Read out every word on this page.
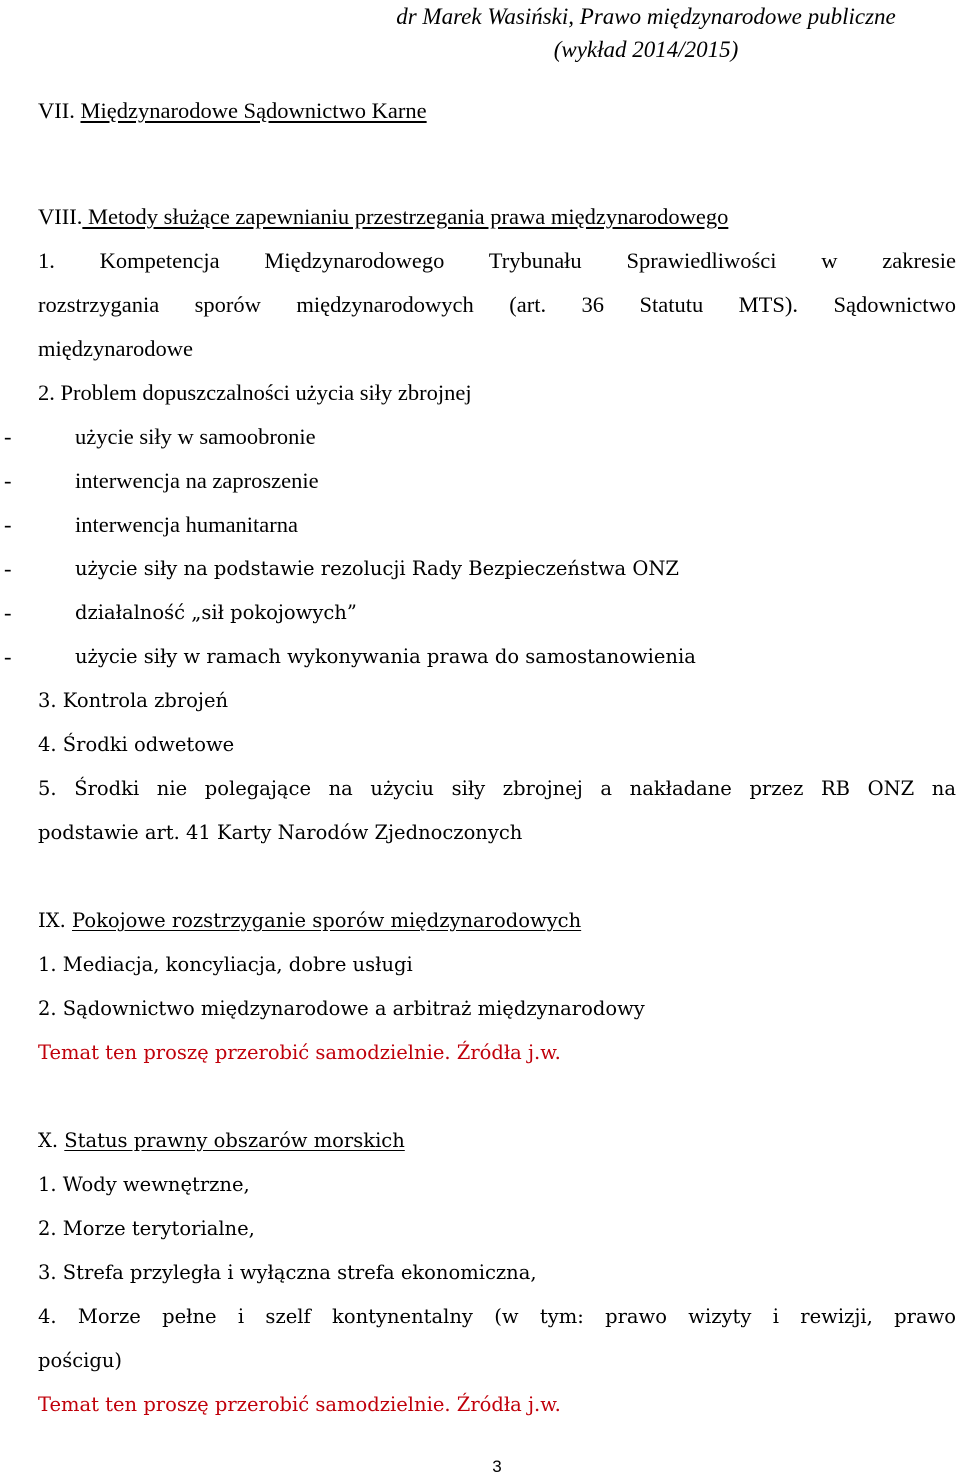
dr Marek Wasiński, Prawo międzynarodowe publiczne
(wykład 2014/2015)
VII. Międzynarodowe Sądownictwo Karne
VIII. Metody służące zapewnianiu przestrzegania prawa międzynarodowego
1. Kompetencja Międzynarodowego Trybunału Sprawiedliwości w zakresie
rozstrzygania sporów międzynarodowych (art. 36 Statutu MTS). Sądownictwo
międzynarodowe
2. Problem dopuszczalności użycia siły zbrojnej
-	użycie siły w samoobronie
-	interwencja na zaproszenie
-	interwencja humanitarna
-	użycie siły na podstawie rezolucji Rady Bezpieczeństwa ONZ
-	działalność „sił pokojowych”
-	użycie siły w ramach wykonywania prawa do samostanowienia
3. Kontrola zbrojeń
4. Środki odwetowe
5. Środki nie polegające na użyciu siły zbrojnej a nakładane przez RB ONZ na
podstawie art. 41 Karty Narodów Zjednoczonych
IX. Pokojowe rozstrzyganie sporów międzynarodowych
1. Mediacja, koncyliacja, dobre usługi
2. Sądownictwo międzynarodowe a arbitraż międzynarodowy
Temat ten proszę przerobić samodzielnie. Źródła j.w.
X. Status prawny obszarów morskich
1. Wody wewnętrzne,
2. Morze terytorialne,
3. Strefa przyległa i wyłączna strefa ekonomiczna,
4. Morze pełne i szelf kontynentalny (w tym: prawo wizyty i rewizji, prawo
pościgu)
Temat ten proszę przerobić samodzielnie. Źródła j.w.
3
